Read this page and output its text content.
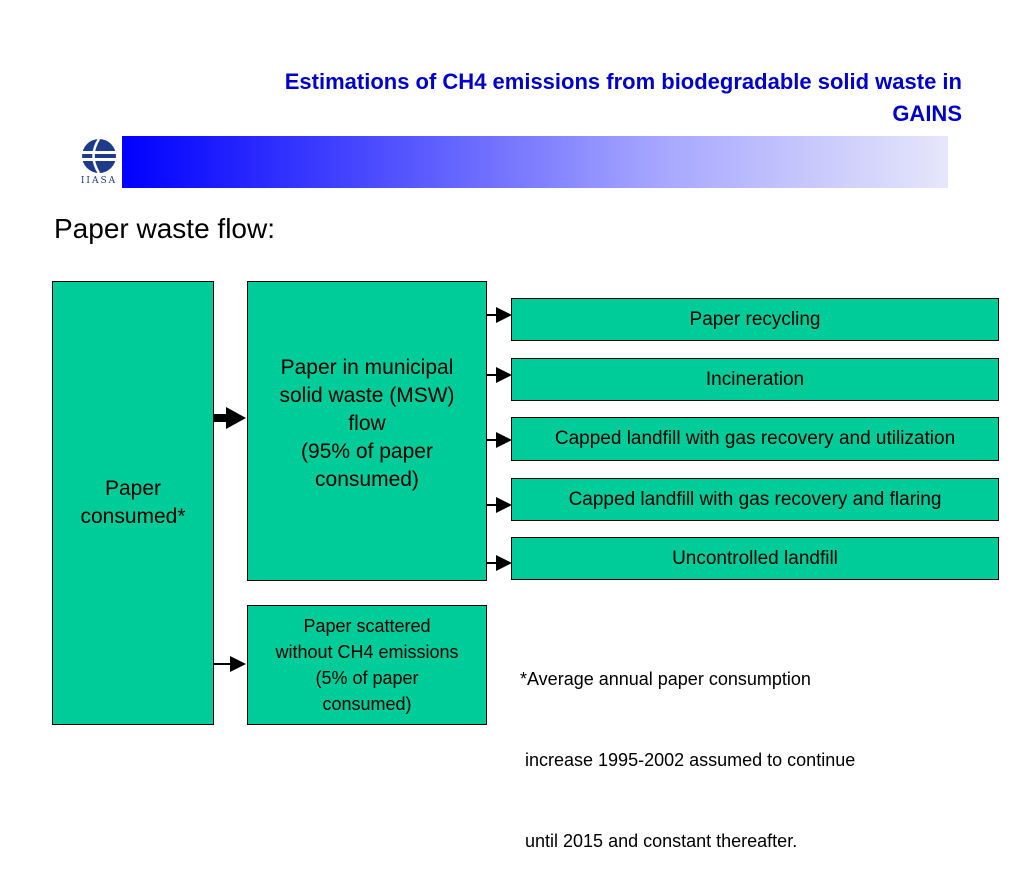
Estimations of CH4 emissions from biodegradable solid waste in
GAINS
IIASA
Paper waste flow:
Paper
consumed*
Paper in municipal
solid waste (MSW)
flow
(95% of paper
consumed)
Paper scattered
without CH4 emissions
(5% of paper
consumed)
Paper recycling
Incineration
Capped landfill with gas recovery and utilization
Capped landfill with gas recovery and flaring
Uncontrolled landfill

*Average annual paper consumption

increase 1995-2002 assumed to continue

until 2015 and constant thereafter.
